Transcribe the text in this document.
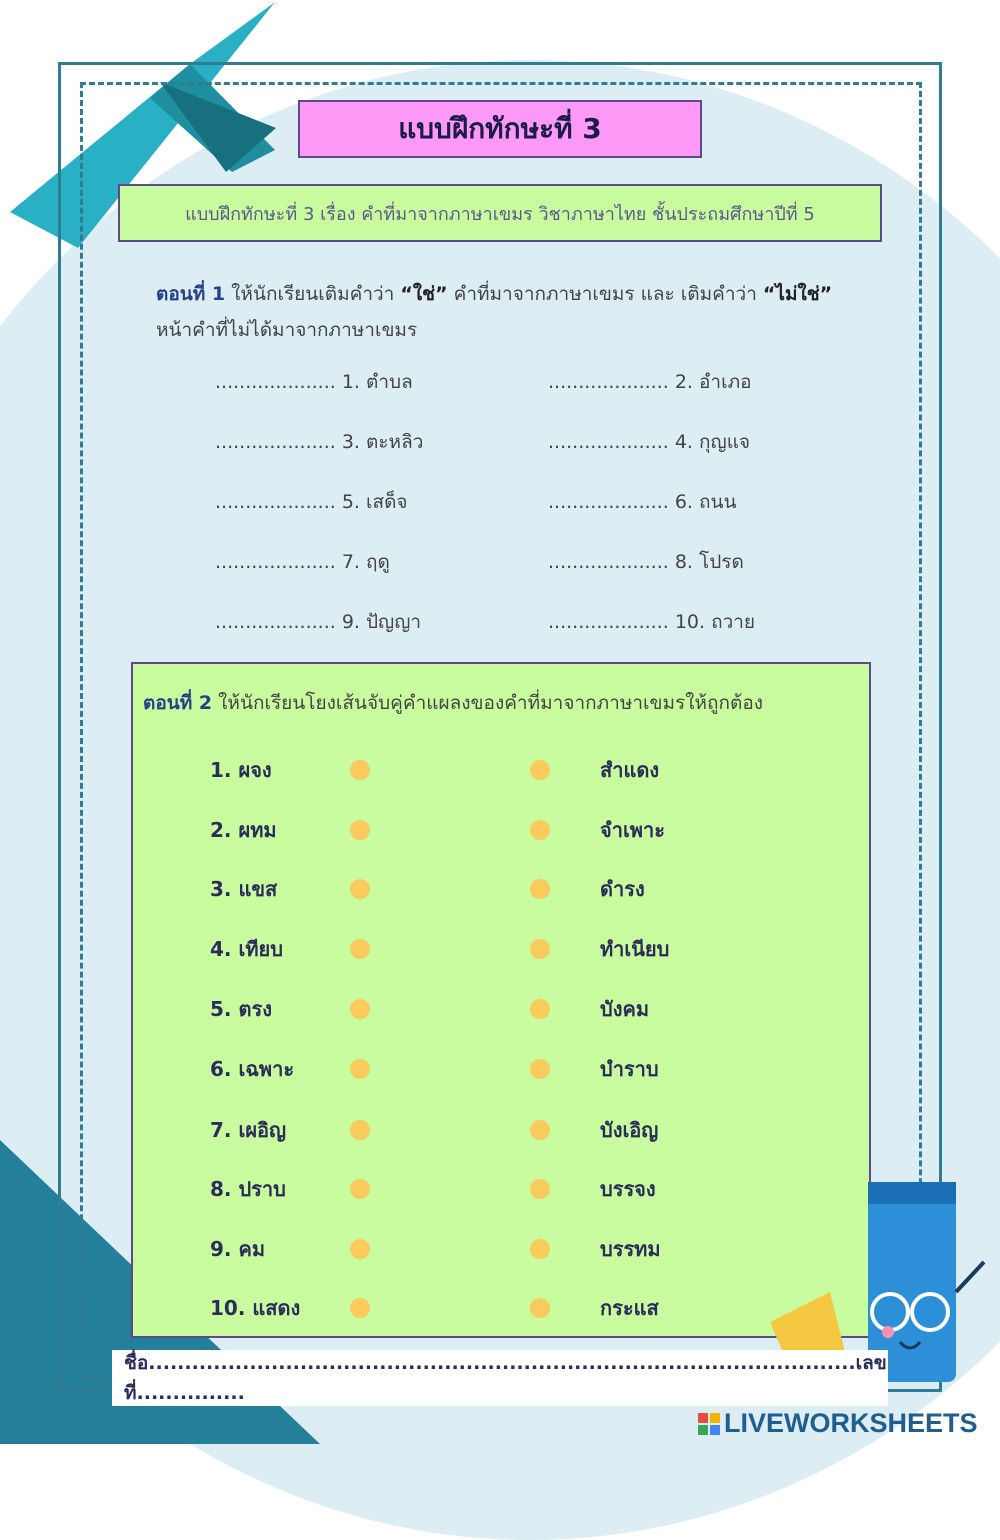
แบบฝึกทักษะที่ 3
แบบฝึกทักษะที่ 3 เรื่อง คำที่มาจากภาษาเขมร วิชาภาษาไทย ชั้นประถมศึกษาปีที่ 5
ตอนที่ 1 ให้นักเรียนเติมคำว่า “ใช่” คำที่มาจากภาษาเขมร และ เติมคำว่า “ไม่ใช่”
หน้าคำที่ไม่ได้มาจากภาษาเขมร
.................... 1. ตำบล	.................... 2. อำเภอ
.................... 3. ตะหลิว	.................... 4. กุญแจ
.................... 5. เสด็จ	.................... 6. ถนน
.................... 7. ฤดู	.................... 8. โปรด
.................... 9. ปัญญา	.................... 10. ถวาย
ตอนที่ 2 ให้นักเรียนโยงเส้นจับคู่คำแผลงของคำที่มาจากภาษาเขมรให้ถูกต้อง
1. ผจง	สำแดง
2. ผทม	จำเพาะ
3. แขส	ดำรง
4. เทียบ	ทำเนียบ
5. ตรง	บังคม
6. เฉพาะ	บำราบ
7. เผอิญ	บังเอิญ
8. ปราบ	บรรจง
9. คม	บรรทม
10. แสดง	กระแส
ชื่อ..................................................................................................เลขที่...............
LIVEWORKSHEETS
